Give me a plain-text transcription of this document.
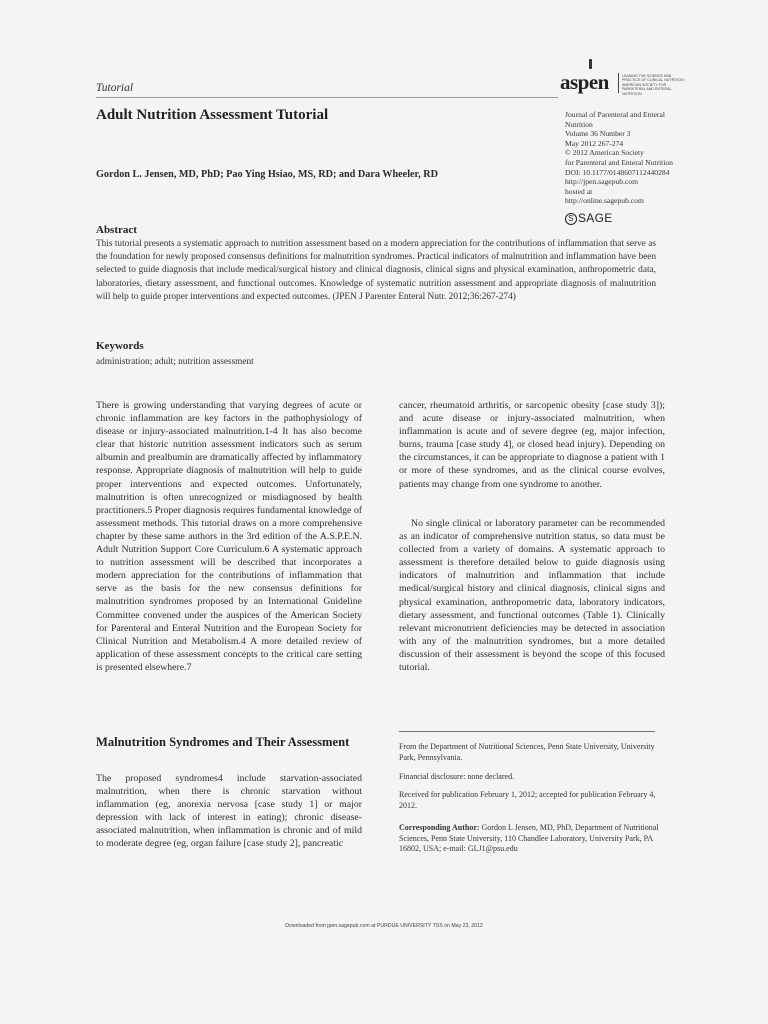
Tutorial
Adult Nutrition Assessment Tutorial
Gordon L. Jensen, MD, PhD; Pao Ying Hsiao, MS, RD; and Dara Wheeler, RD
aspen	LEADING THE SCIENCE AND PRACTICE OF CLINICAL NUTRITION · AMERICAN SOCIETY FOR PARENTERAL AND ENTERAL NUTRITION
Journal of Parenteral and Enteral
Nutrition
Volume 36 Number 3
May 2012 267-274
© 2012 American Society
for Parenteral and Enteral Nutrition
DOI: 10.1177/0148607112440284
http://jpen.sagepub.com
hosted at
http://online.sagepub.com
S SAGE
Abstract

This tutorial presents a systematic approach to nutrition assessment based on a modern appreciation for the contributions of inflammation that serve as the foundation for newly proposed consensus definitions for malnutrition syndromes. Practical indicators of malnutrition and inflammation have been selected to guide diagnosis that include medical/surgical history and clinical diagnosis, clinical signs and physical examination, anthropometric data, laboratories, dietary assessment, and functional outcomes. Knowledge of systematic nutrition assessment and appropriate diagnosis of malnutrition will help to guide proper interventions and expected outcomes. (JPEN J Parenter Enteral Nutr. 2012;36:267-274)

Keywords
administration; adult; nutrition assessment

There is growing understanding that varying degrees of acute or chronic inflammation are key factors in the pathophysiology of disease or injury-associated malnutrition.1-4 It has also become clear that historic nutrition assessment indicators such as serum albumin and prealbumin are dramatically affected by inflammatory response. Appropriate diagnosis of malnutrition will help to guide proper interventions and expected outcomes. Unfortunately, malnutrition is often unrecognized or misdiagnosed by health practitioners.5 Proper diagnosis requires fundamental knowledge of assessment methods. This tutorial draws on a more comprehensive chapter by these same authors in the 3rd edition of the A.S.P.E.N. Adult Nutrition Support Core Curriculum.6 A systematic approach to nutrition assessment will be described that incorporates a modern appreciation for the contributions of inflammation that serve as the basis for the new consensus definitions for malnutrition syndromes proposed by an International Guideline Committee convened under the auspices of the American Society for Parenteral and Enteral Nutrition and the European Society for Clinical Nutrition and Metabolism.4 A more detailed review of application of these assessment concepts to the critical care setting is presented elsewhere.7

cancer, rheumatoid arthritis, or sarcopenic obesity [case study 3]); and acute disease or injury-associated malnutrition, when inflammation is acute and of severe degree (eg, major infection, burns, trauma [case study 4], or closed head injury). Depending on the circumstances, it can be appropriate to diagnose a patient with 1 or more of these syndromes, and as the clinical course evolves, patients may change from one syndrome to another.

No single clinical or laboratory parameter can be recommended as an indicator of comprehensive nutrition status, so data must be collected from a variety of domains. A systematic approach to assessment is therefore detailed below to guide diagnosis using indicators of malnutrition and inflammation that include medical/surgical history and clinical diagnosis, clinical signs and physical examination, anthropometric data, laboratory indicators, dietary assessment, and functional outcomes (Table 1). Clinically relevant micronutrient deficiencies may be detected in association with any of the malnutrition syndromes, but a more detailed discussion of their assessment is beyond the scope of this focused tutorial.

Malnutrition Syndromes and Their Assessment

The proposed syndromes4 include starvation-associated malnutrition, when there is chronic starvation without inflammation (eg, anorexia nervosa [case study 1] or major depression with lack of interest in eating); chronic disease-associated malnutrition, when inflammation is chronic and of mild to moderate degree (eg, organ failure [case study 2], pancreatic

From the Department of Nutritional Sciences, Penn State University, University Park, Pennsylvania.

Financial disclosure: none declared.

Received for publication February 1, 2012; accepted for publication February 4, 2012.

Corresponding Author: Gordon L Jensen, MD, PhD, Department of Nutritional Sciences, Penn State University, 110 Chandlee Laboratory, University Park, PA 16802, USA; e-mail: GLJ1@psu.edu

Downloaded from jpen.sagepub.com at PURDUE UNIVERSITY TSS on May 23, 2012
